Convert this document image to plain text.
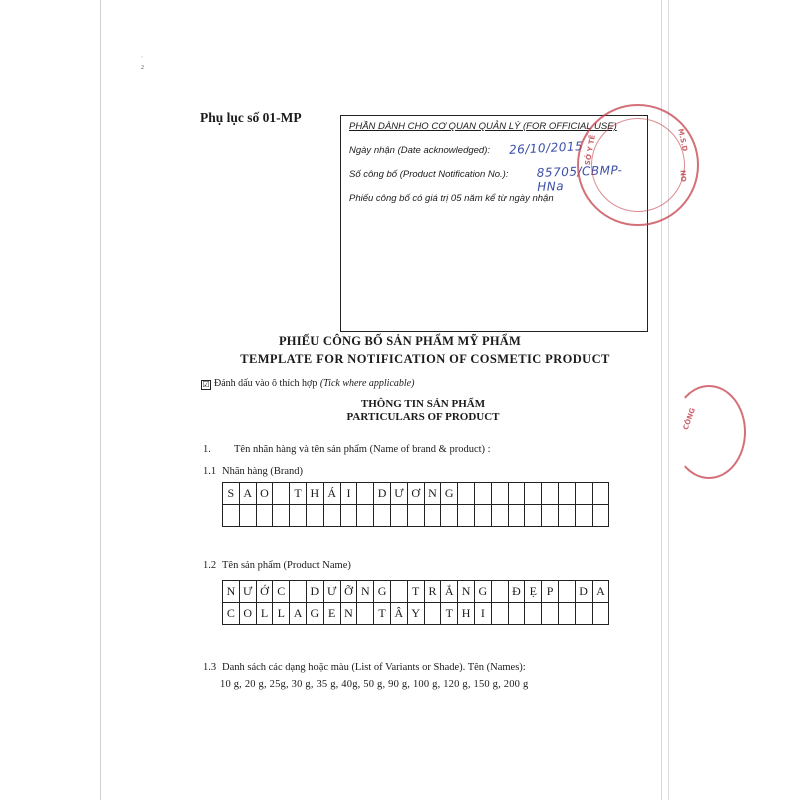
´
2
Phụ lục số 01-MP
PHẦN DÀNH CHO CƠ QUAN QUẢN LÝ (FOR OFFICIAL USE)
Ngày nhận (Date acknowledged):
Số công bố (Product Notification No.):
Phiếu công bố có giá trị 05 năm kể từ ngày nhận
26/10/2015
85705/CBMP-HNa
SỞ Y TẾ	M.S.D
NO
CÔNG
PHIẾU CÔNG BỐ SẢN PHẨM MỸ PHẨM
TEMPLATE FOR NOTIFICATION OF COSMETIC PRODUCT
☑ Đánh dấu vào ô thích hợp (Tick where applicable)
THÔNG TIN SẢN PHẨM
PARTICULARS OF PRODUCT
1. Tên nhãn hàng và tên sản phẩm (Name of brand & product) :
1.1 Nhãn hàng (Brand)
S	A	O		T	H	Á	I		D	Ư	Ơ	N	G									

1.2 Tên sản phẩm (Product Name)
N	Ư	Ớ	C		D	Ư	Ỡ	N	G		T	R	Ắ	N	G		Đ	Ẹ	P		D	A
C	O	L	L	A	G	E	N		T	Â	Y		T	H	I							
1.3 Danh sách các dạng hoặc màu (List of Variants or Shade). Tên (Names):
10 g, 20 g, 25g, 30 g, 35 g, 40g, 50 g, 90 g, 100 g, 120 g, 150 g, 200 g
